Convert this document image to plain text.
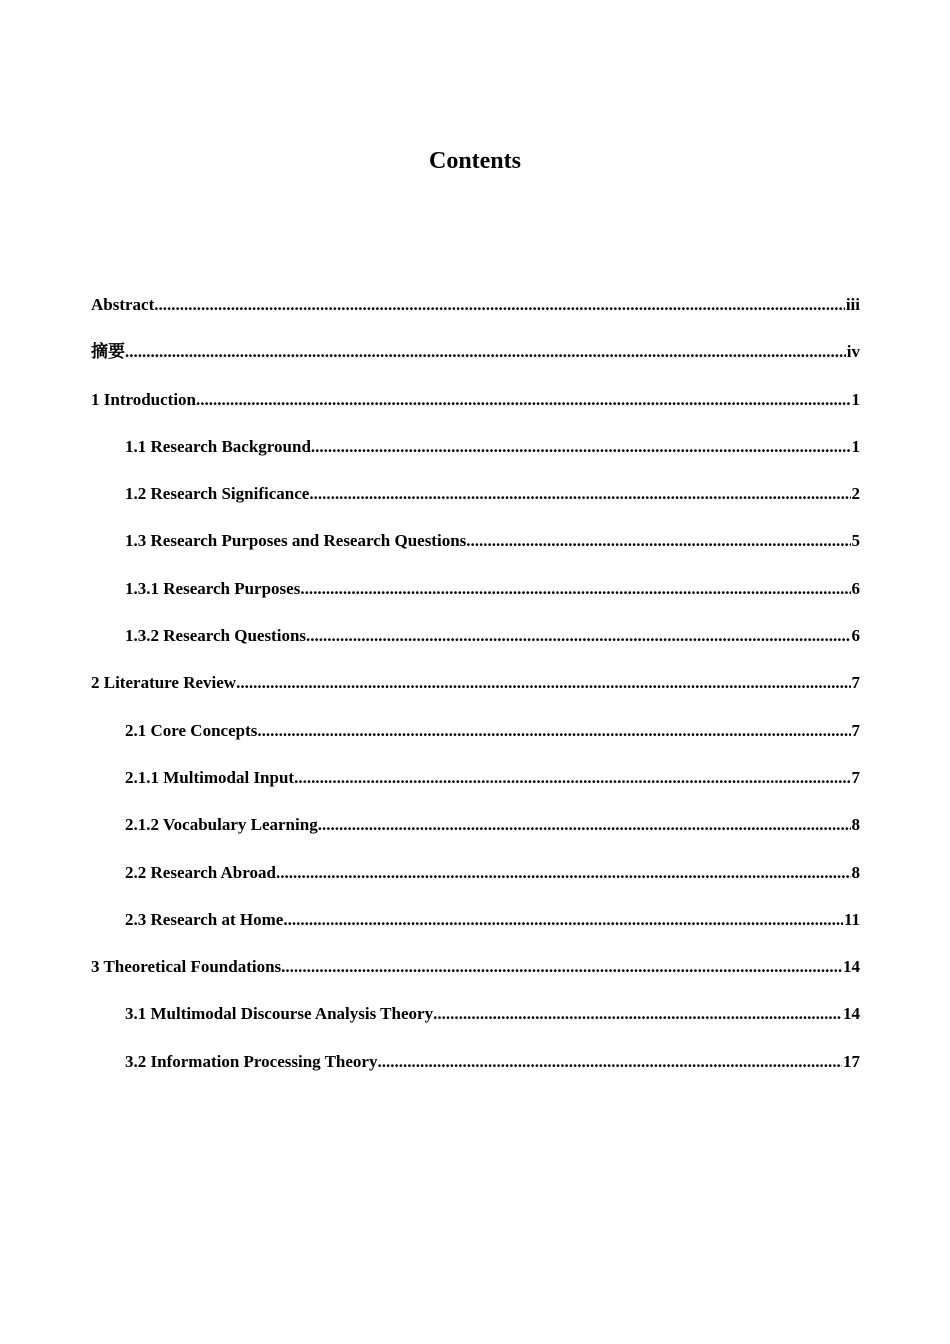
Contents
Abstract .....	iii
摘要 .....	iv
1 Introduction .....	1
1.1 Research Background .....	1
1.2 Research Significance .....	2
1.3 Research Purposes and Research Questions .....	5
1.3.1 Research Purposes .....	6
1.3.2 Research Questions .....	6
2 Literature Review .....	7
2.1 Core Concepts .....	7
2.1.1 Multimodal Input .....	7
2.1.2 Vocabulary Learning .....	8
2.2 Research Abroad .....	8
2.3 Research at Home .....	11
3 Theoretical Foundations .....	14
3.1 Multimodal Discourse Analysis Theory .....	14
3.2 Information Processing Theory .....	17
